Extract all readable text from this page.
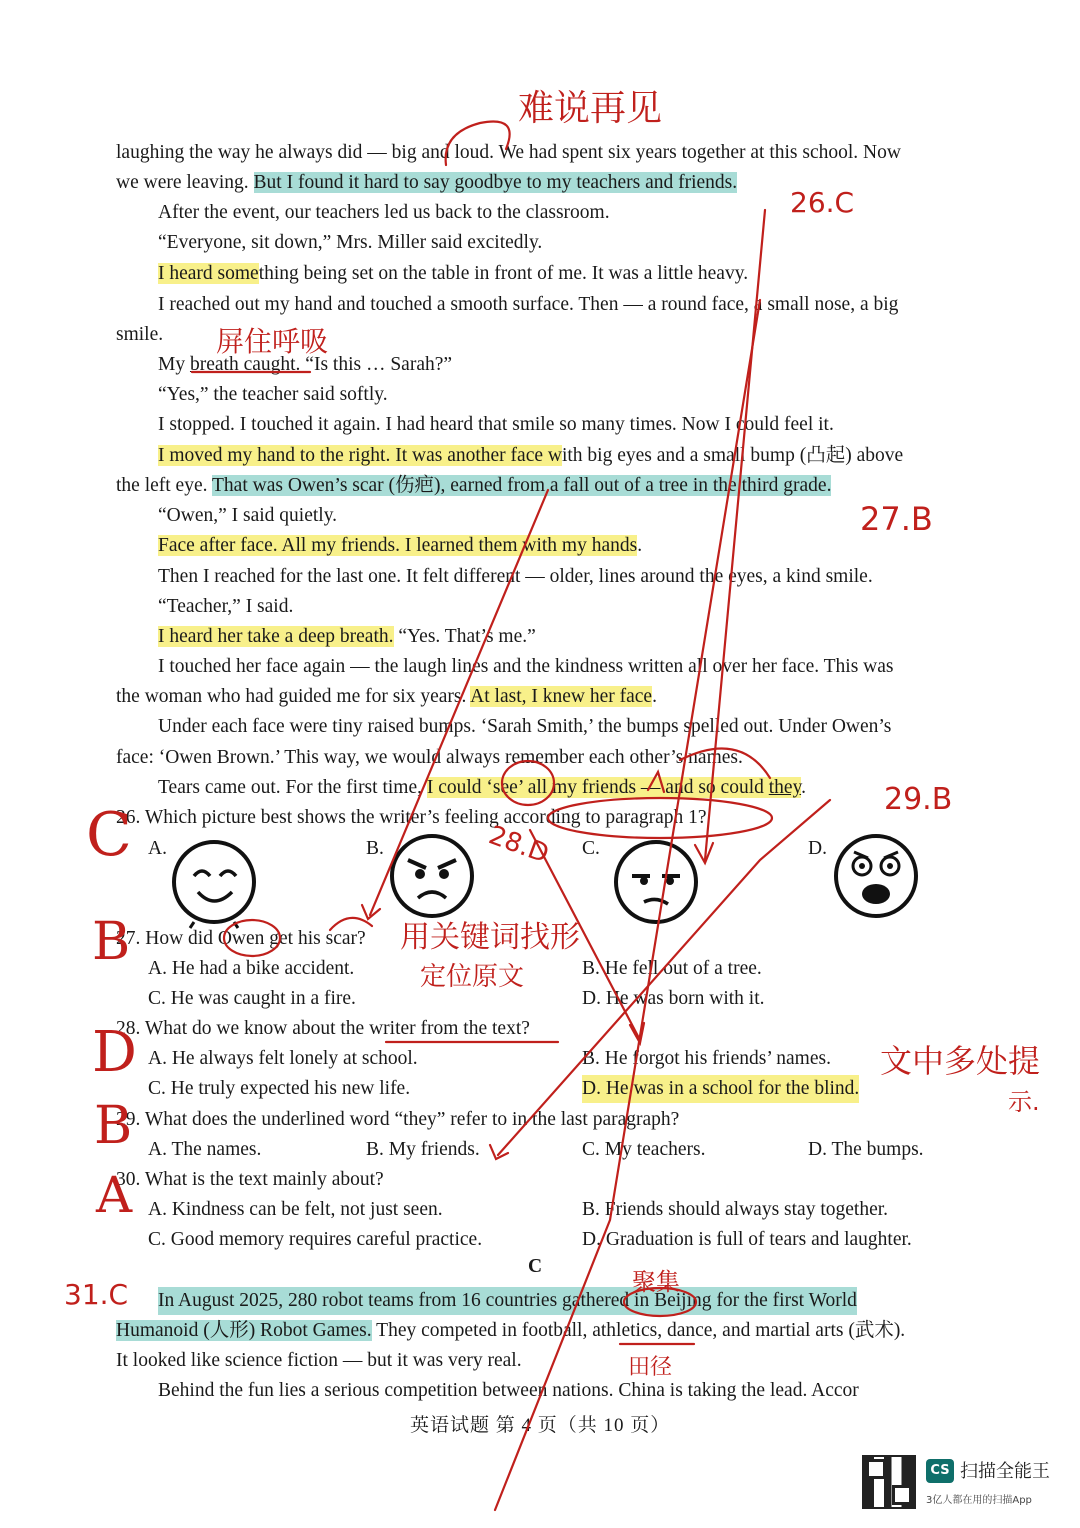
laughing the way he always did — big and loud. We had spent six years together at this school. Now
we were leaving. But I found it hard to say goodbye to my teachers and friends.
After the event, our teachers led us back to the classroom.
“Everyone, sit down,” Mrs. Miller said excitedly.
I heard something being set on the table in front of me. It was a little heavy.
I reached out my hand and touched a smooth surface. Then — a round face, a small nose, a big
smile.
My breath caught. “Is this … Sarah?”
“Yes,” the teacher said softly.
I stopped. I touched it again. I had heard that smile so many times. Now I could feel it.
I moved my hand to the right. It was another face with big eyes and a small bump (凸起) above
the left eye. That was Owen’s scar (伤疤), earned from a fall out of a tree in the third grade.
“Owen,” I said quietly.
Face after face. All my friends. I learned them with my hands.
Then I reached for the last one. It felt different — older, lines around the eyes, a kind smile.
“Teacher,” I said.
I heard her take a deep breath. “Yes. That’s me.”
I touched her face again — the laugh lines and the kindness written all over her face. This was
the woman who had guided me for six years. At last, I knew her face.
Under each face were tiny raised bumps. ‘Sarah Smith,’ the bumps spelled out. Under Owen’s
face: ‘Owen Brown.’ This way, we would always remember each other’s names.
Tears came out. For the first time, I could ‘see’ all my friends — and so could they.
26. Which picture best shows the writer’s feeling according to paragraph 1?
A.	B.	C.	D.
27. How did Owen get his scar?
A. He had a bike accident.	B. He fell out of a tree.
C. He was caught in a fire.	D. He was born with it.
28. What do we know about the writer from the text?
A. He always felt lonely at school.	B. He forgot his friends’ names.
C. He truly expected his new life.	D. He was in a school for the blind.
29. What does the underlined word “they” refer to in the last paragraph?
A. The names.	B. My friends.	C. My teachers.	D. The bumps.
30. What is the text mainly about?
A. Kindness can be felt, not just seen.	B. Friends should always stay together.
C. Good memory requires careful practice.	D. Graduation is full of tears and laughter.
C
In August 2025, 280 robot teams from 16 countries gathered in Beijing for the first World
Humanoid (人形) Robot Games. They competed in football, athletics, dance, and martial arts (武术).
It looked like science fiction — but it was very real.
Behind the fun lies a serious competition between nations. China is taking the lead. Accor
英语试题 第 4 页（共 10 页）
难说再见
26.C
屏住呼吸
27.B
29.B
28.D
用关键词找形
定位原文
文中多处提
示.
聚集
田径
31.C
C
B
D
B
A
CS 扫描全能王
3亿人都在用的扫描App
